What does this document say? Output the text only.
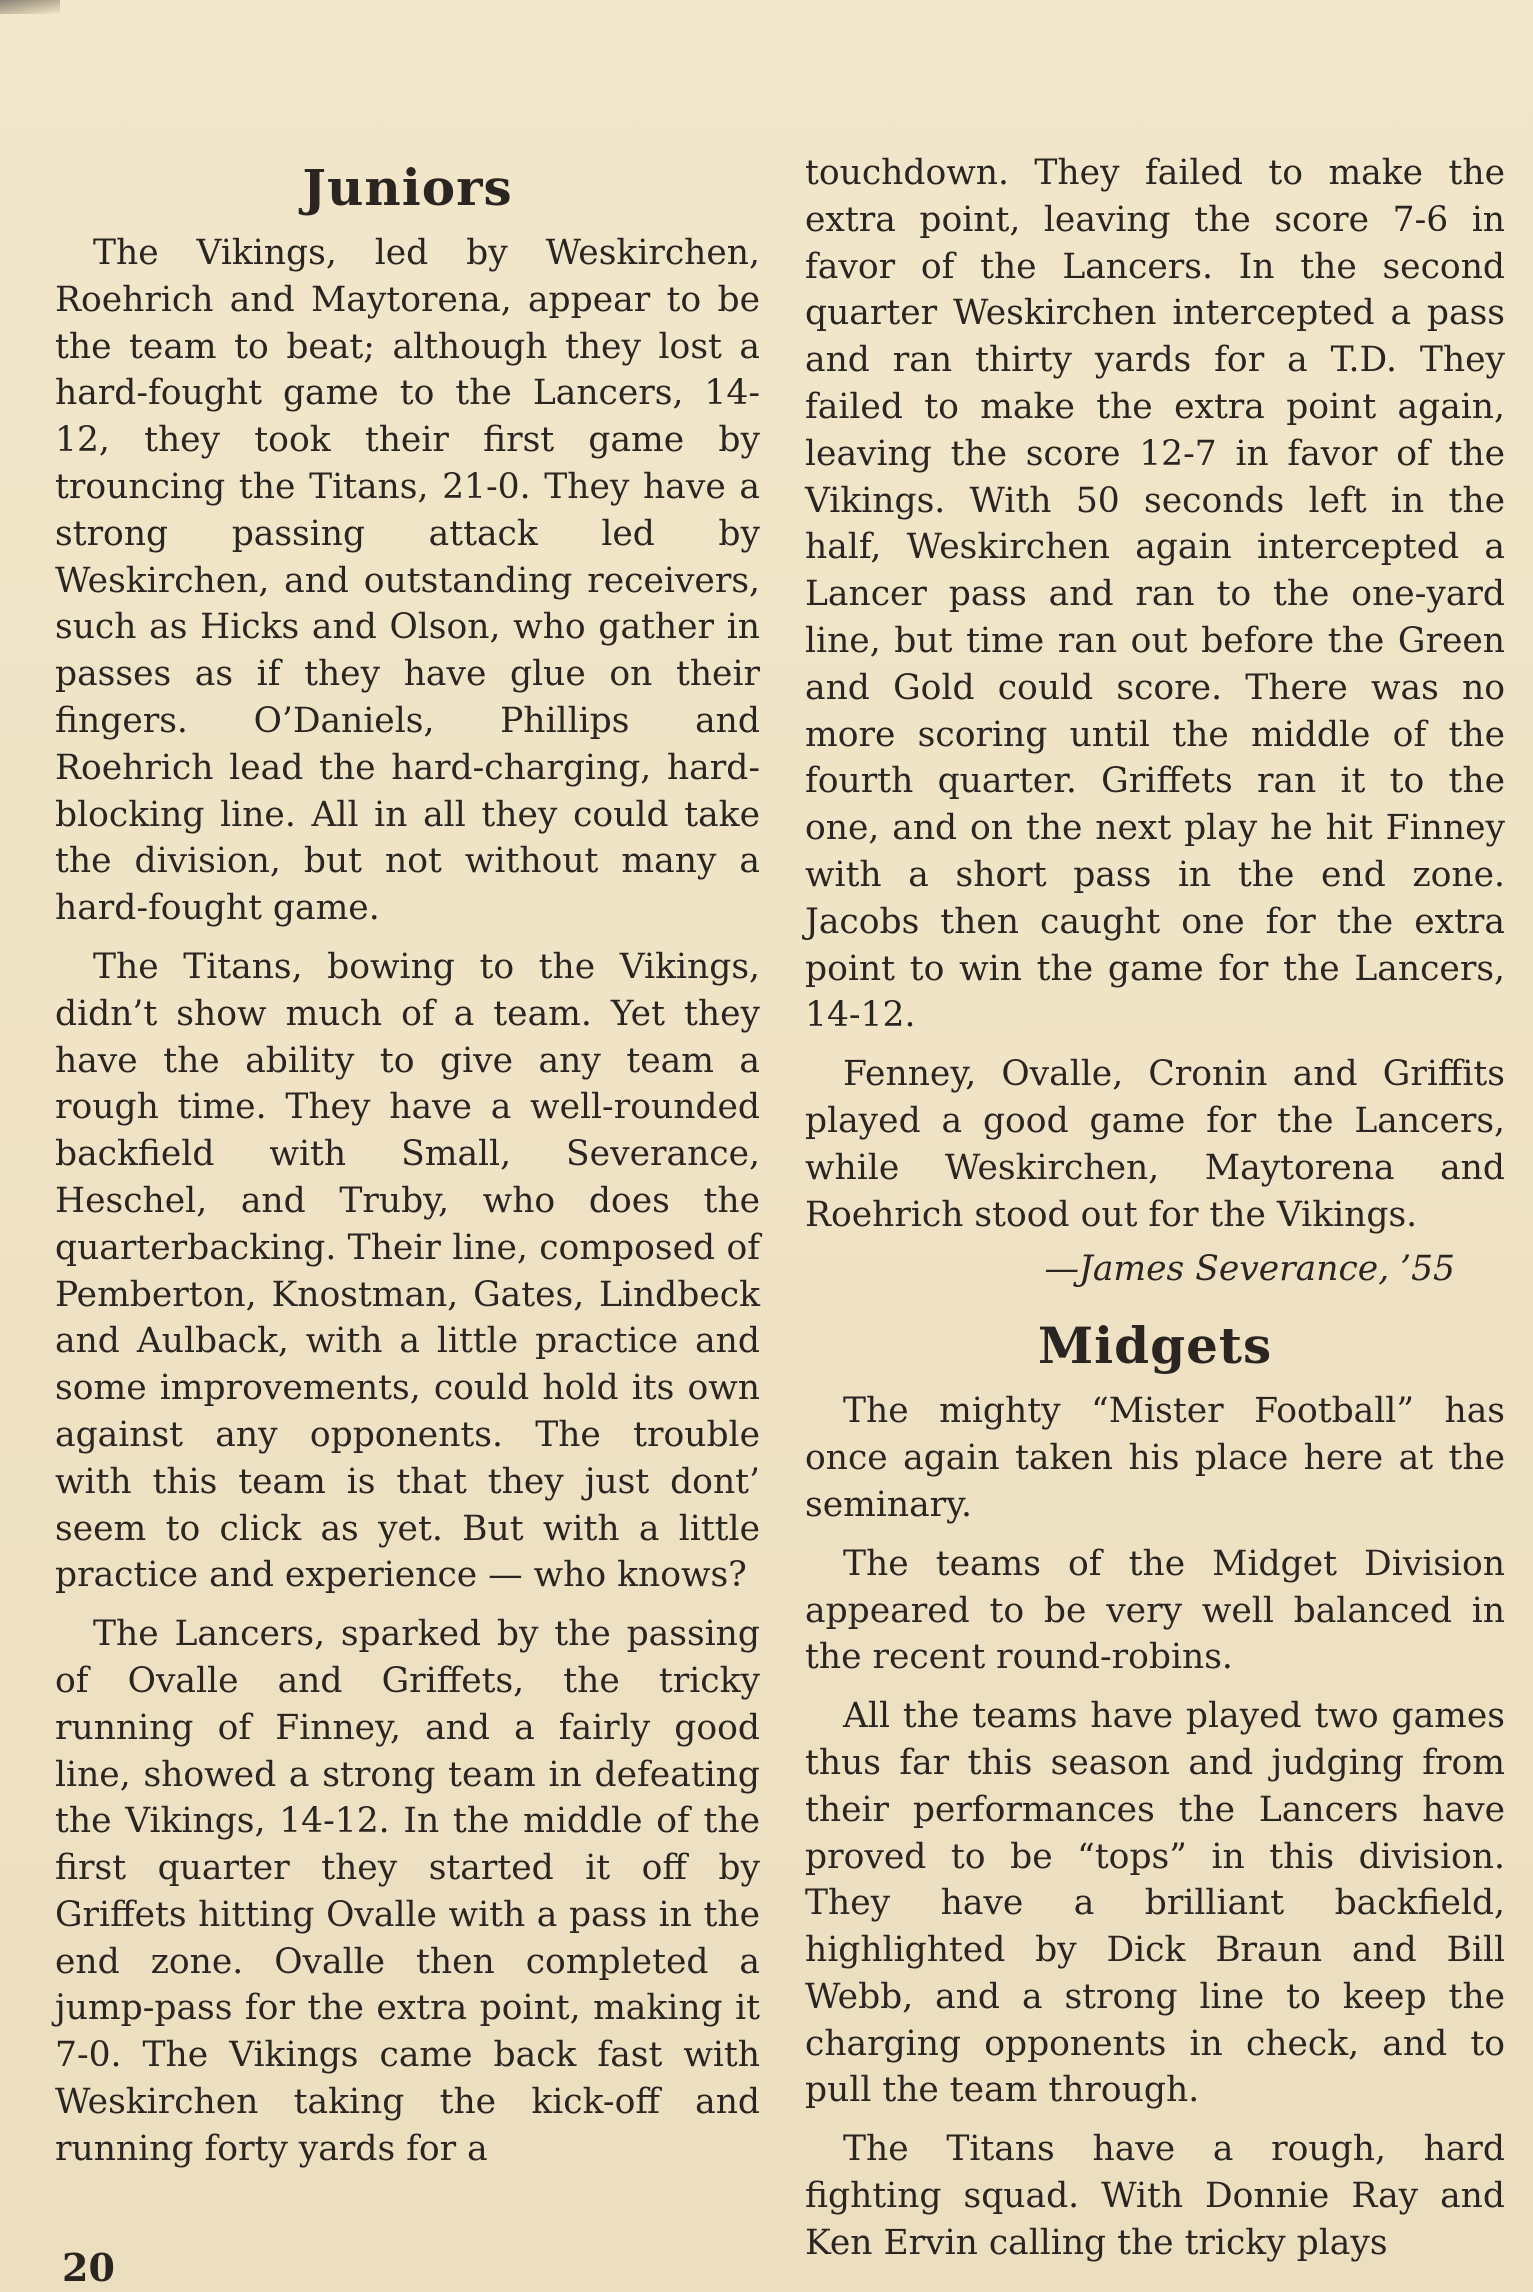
Juniors

The Vikings, led by Weskirchen, Roehrich and Maytorena, appear to be the team to beat; although they lost a hard-fought game to the Lancers, 14-12, they took their first game by trouncing the Titans, 21-0. They have a strong passing attack led by Weskirchen, and outstanding receivers, such as Hicks and Olson, who gather in passes as if they have glue on their fingers. O’Daniels, Phillips and Roehrich lead the hard-charging, hard-blocking line. All in all they could take the division, but not without many a hard-fought game.

The Titans, bowing to the Vikings, didn’t show much of a team. Yet they have the ability to give any team a rough time. They have a well-rounded backfield with Small, Severance, Heschel, and Truby, who does the quarterbacking. Their line, composed of Pemberton, Knostman, Gates, Lindbeck and Aulback, with a little practice and some improvements, could hold its own against any opponents. The trouble with this team is that they just dont’ seem to click as yet. But with a little practice and experience — who knows?

The Lancers, sparked by the passing of Ovalle and Griffets, the tricky running of Finney, and a fairly good line, showed a strong team in defeating the Vikings, 14-12. In the middle of the first quarter they started it off by Griffets hitting Ovalle with a pass in the end zone. Ovalle then completed a jump-pass for the extra point, making it 7-0. The Vikings came back fast with Weskirchen taking the kick-off and running forty yards for a

touchdown. They failed to make the extra point, leaving the score 7-6 in favor of the Lancers. In the second quarter Weskirchen intercepted a pass and ran thirty yards for a T.D. They failed to make the extra point again, leaving the score 12-7 in favor of the Vikings. With 50 seconds left in the half, Weskirchen again intercepted a Lancer pass and ran to the one-yard line, but time ran out before the Green and Gold could score. There was no more scoring until the middle of the fourth quarter. Griffets ran it to the one, and on the next play he hit Finney with a short pass in the end zone. Jacobs then caught one for the extra point to win the game for the Lancers, 14-12.

Fenney, Ovalle, Cronin and Griffits played a good game for the Lancers, while Weskirchen, Maytorena and Roehrich stood out for the Vikings.

—James Severance, ’55
Midgets

The mighty “Mister Football” has once again taken his place here at the seminary.

The teams of the Midget Division appeared to be very well balanced in the recent round-robins.

All the teams have played two games thus far this season and judging from their performances the Lancers have proved to be “tops” in this division. They have a brilliant backfield, highlighted by Dick Braun and Bill Webb, and a strong line to keep the charging opponents in check, and to pull the team through.

The Titans have a rough, hard fighting squad. With Donnie Ray and Ken Ervin calling the tricky plays

20
